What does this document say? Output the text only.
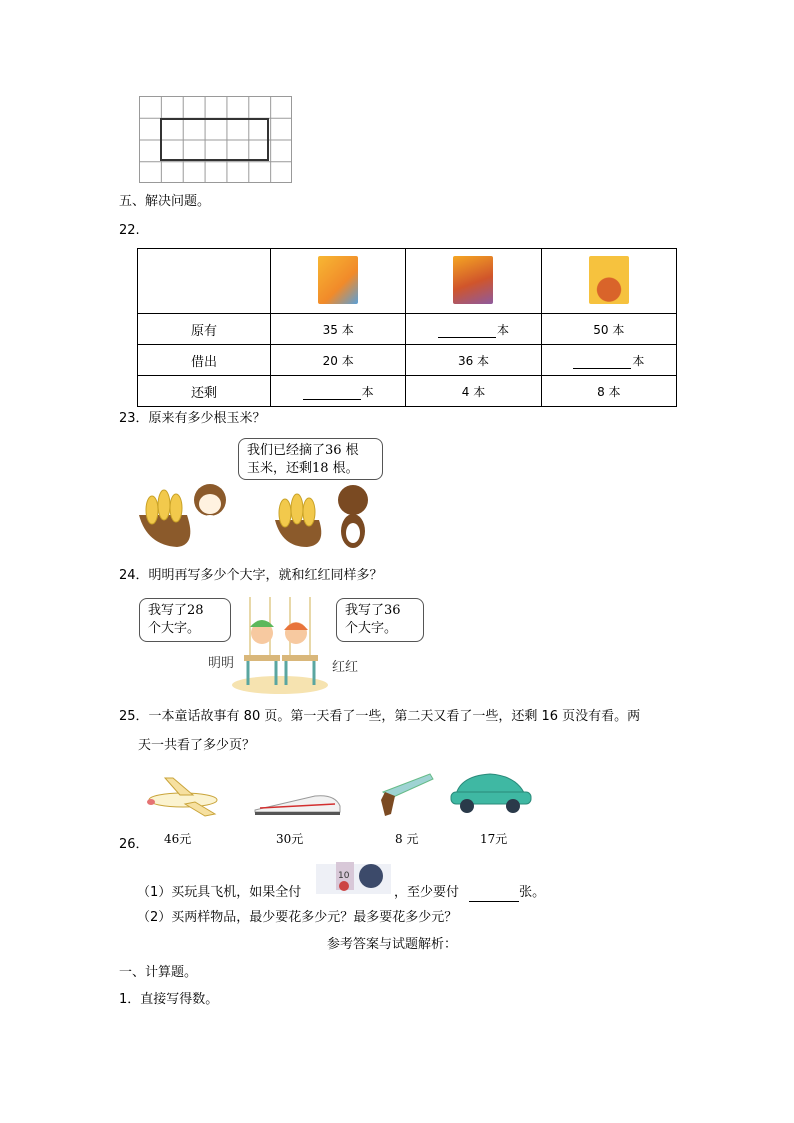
五、解决问题。
22.

原有	35 本	本	50 本
借出	20 本	36 本	本
还剩	本	4 本	8 本
23．原来有多少根玉米？
我们已经摘了36 根
玉米，还剩18 根。
24．明明再写多少个大字，就和红红同样多？
我写了28
个大字。
我写了36
个大字。
明明	红红
25．一本童话故事有 80 页。第一天看了一些，第二天又看了一些，还剩 16 页没有看。两
天一共看了多少页？
26． 46元	30元	8 元	17元
10
（1）买玩具飞机，如果全付	，至少要付	张。
（2）买两样物品，最少要花多少元？最多要花多少元？
参考答案与试题解析：
一、计算题。
1．直接写得数。
